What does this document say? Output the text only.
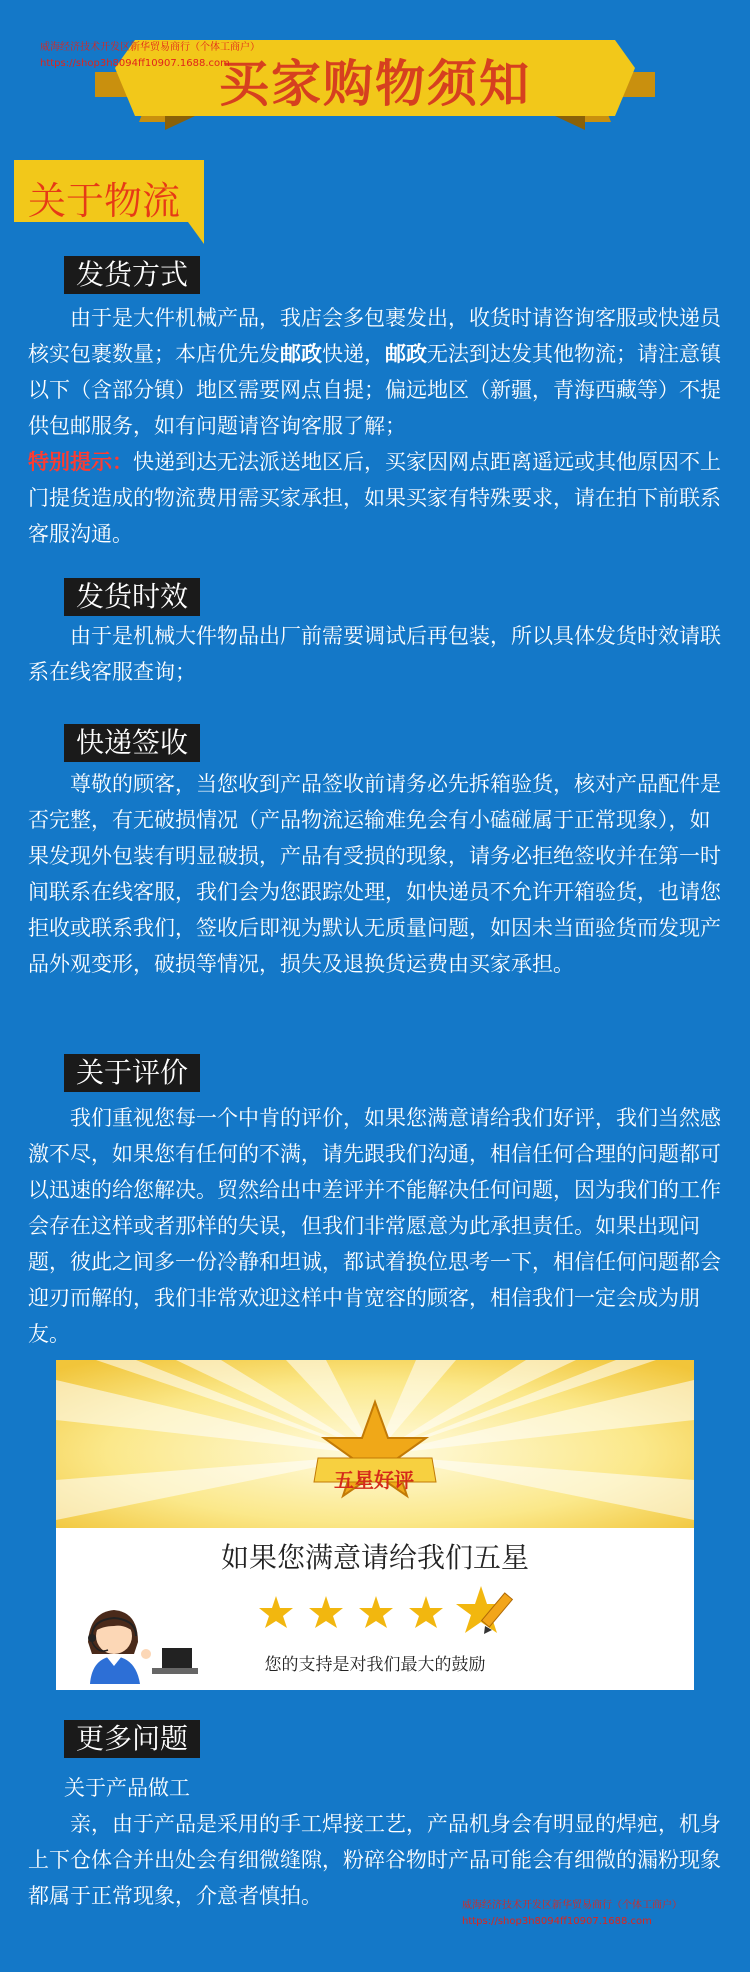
买家购物须知
威海经济技术开发区新华贸易商行（个体工商户）
https://shop3h8094ff10907.1688.com
关于物流
发货方式

由于是大件机械产品，我店会多包裹发出，收货时请咨询客服或快递员核实包裹数量；本店优先发邮政快递，邮政无法到达发其他物流；请注意镇以下（含部分镇）地区需要网点自提；偏远地区（新疆，青海西藏等）不提供包邮服务，如有问题请咨询客服了解；

特别提示：快递到达无法派送地区后，买家因网点距离遥远或其他原因不上门提货造成的物流费用需买家承担，如果买家有特殊要求，请在拍下前联系客服沟通。
发货时效

由于是机械大件物品出厂前需要调试后再包装，所以具体发货时效请联系在线客服查询；

快递签收

尊敬的顾客，当您收到产品签收前请务必先拆箱验货，核对产品配件是否完整，有无破损情况（产品物流运输难免会有小磕碰属于正常现象），如果发现外包装有明显破损，产品有受损的现象，请务必拒绝签收并在第一时间联系在线客服，我们会为您跟踪处理，如快递员不允许开箱验货，也请您拒收或联系我们，签收后即视为默认无质量问题，如因未当面验货而发现产品外观变形，破损等情况，损失及退换货运费由买家承担。

关于评价

我们重视您每一个中肯的评价，如果您满意请给我们好评，我们当然感激不尽，如果您有任何的不满，请先跟我们沟通，相信任何合理的问题都可以迅速的给您解决。贸然给出中差评并不能解决任何问题，因为我们的工作会存在这样或者那样的失误，但我们非常愿意为此承担责任。如果出现问题，彼此之间多一份冷静和坦诚，都试着换位思考一下，相信任何问题都会迎刃而解的，我们非常欢迎这样中肯宽容的顾客，相信我们一定会成为朋友。

五星好评
如果您满意请给我们五星
您的支持是对我们最大的鼓励
更多问题
关于产品做工

亲，由于产品是采用的手工焊接工艺，产品机身会有明显的焊疤，机身上下仓体合并出处会有细微缝隙，粉碎谷物时产品可能会有细微的漏粉现象都属于正常现象，介意者慎拍。	威海经济技术开发区新华贸易商行（个体工商户）
https://shop3h8094ff10907.1688.com
